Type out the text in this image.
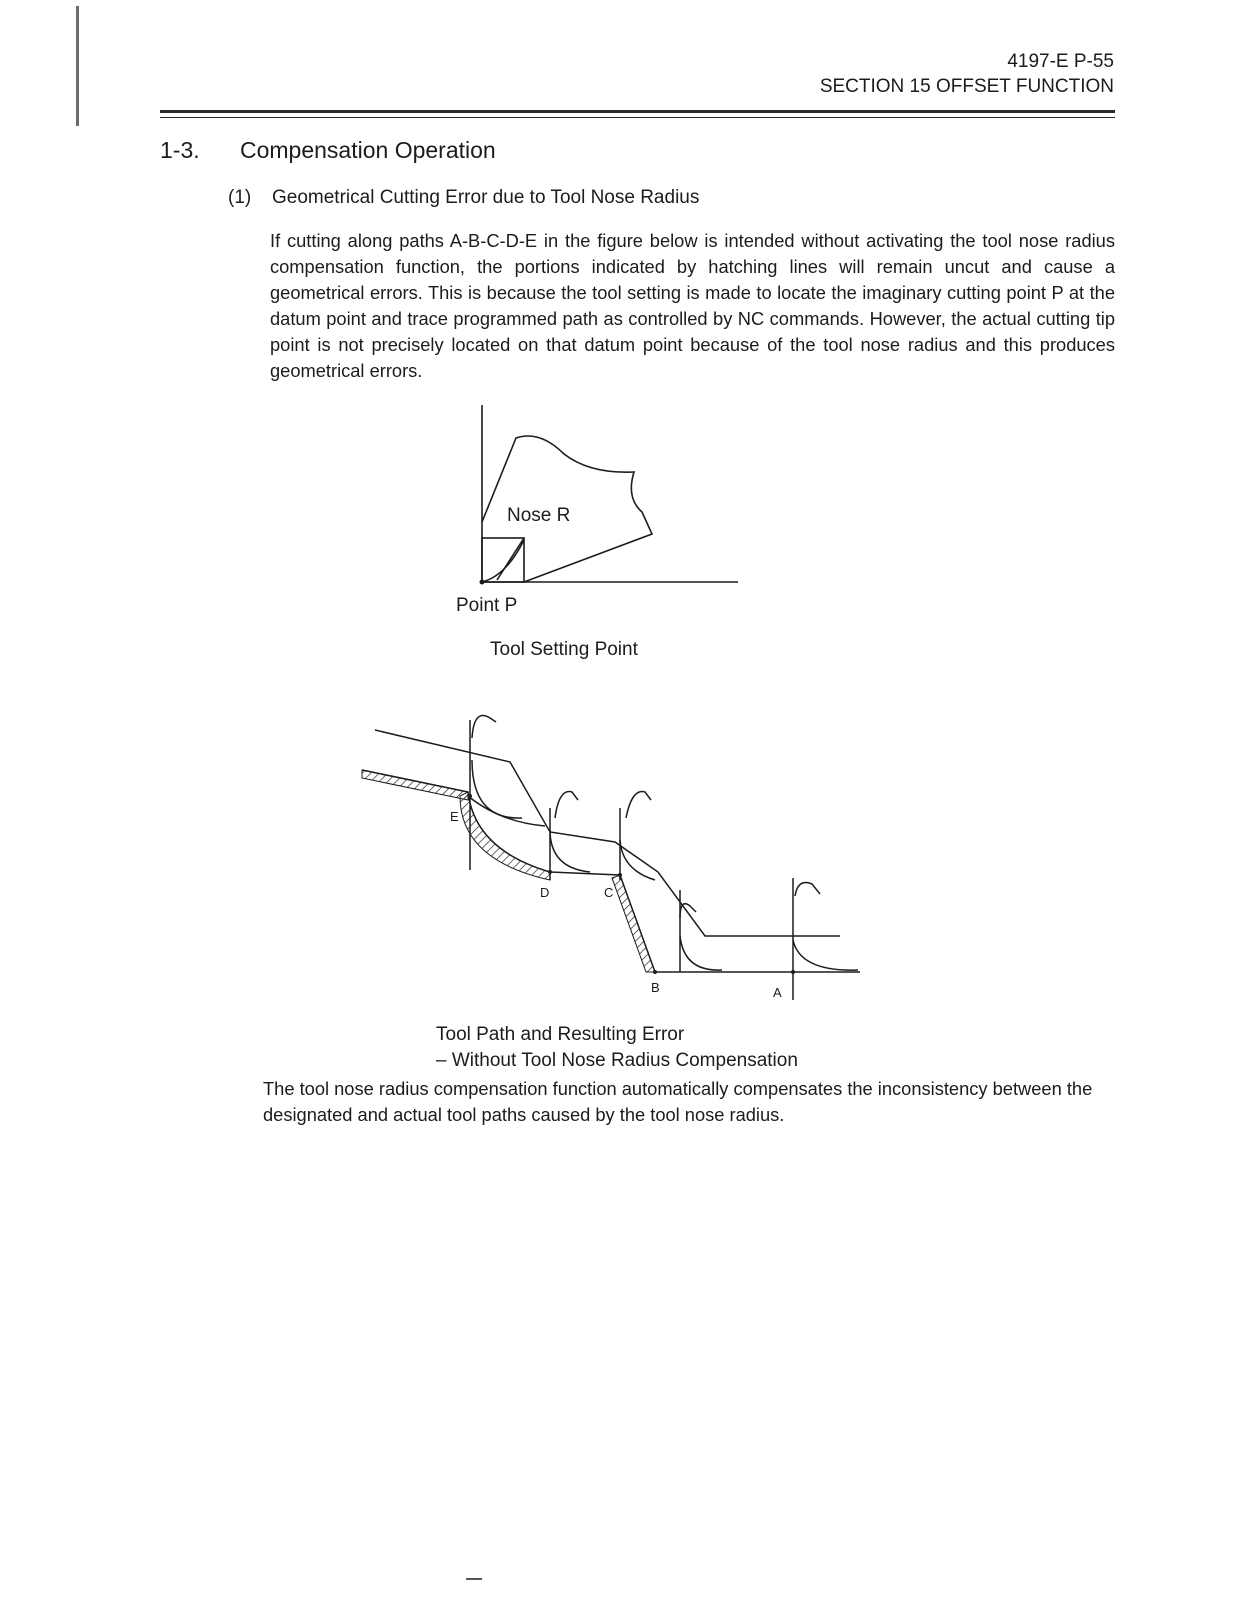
4197-E P-55
SECTION 15 OFFSET FUNCTION
1-3. Compensation Operation
(1) Geometrical Cutting Error due to Tool Nose Radius
If cutting along paths A-B-C-D-E in the figure below is intended without activating the tool nose radius compensation function, the portions indicated by hatching lines will remain uncut and cause a geometrical errors. This is because the tool setting is made to locate the imaginary cutting point P at the datum point and trace programmed path as controlled by NC commands. However, the actual cutting tip point is not precisely located on that datum point because of the tool nose radius and this produces geometrical errors.
Nose R
Point P
Tool Setting Point
E
D	C
B	A
Tool Path and Resulting Error
– Without Tool Nose Radius Compensation
The tool nose radius compensation function automatically compensates the inconsistency between the designated and actual tool paths caused by the tool nose radius.
